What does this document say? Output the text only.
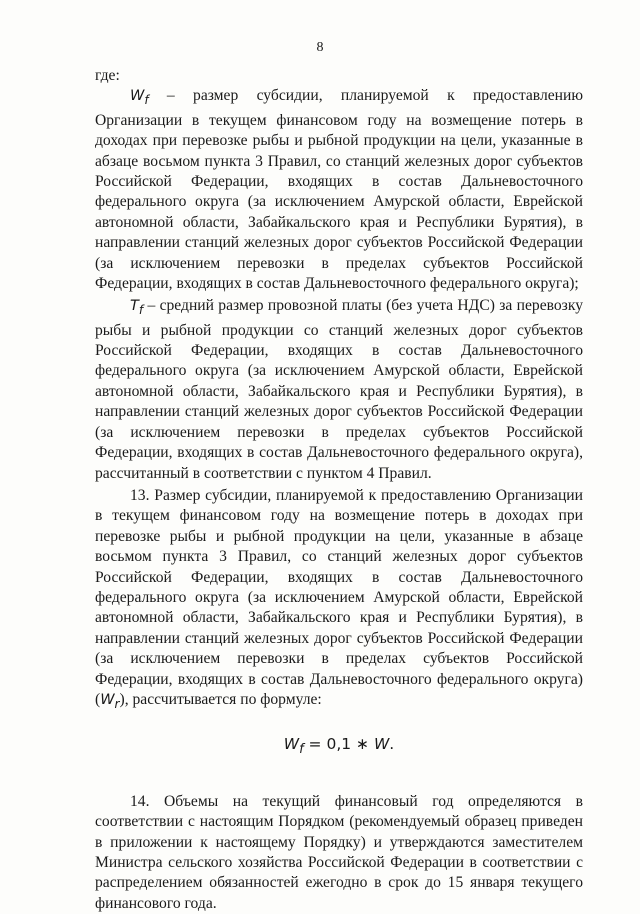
8

где:

$W_f$ – размер субсидии, планируемой к предоставлению Организации в текущем финансовом году на возмещение потерь в доходах при перевозке рыбы и рыбной продукции на цели, указанные в абзаце восьмом пункта 3 Правил, со станций железных дорог субъектов Российской Федерации, входящих в состав Дальневосточного федерального округа (за исключением Амурской области, Еврейской автономной области, Забайкальского края и Республики Бурятия), в направлении станций железных дорог субъектов Российской Федерации (за исключением перевозки в пределах субъектов Российской Федерации, входящих в состав Дальневосточного федерального округа);

$T_f$ – средний размер провозной платы (без учета НДС) за перевозку рыбы и рыбной продукции со станций железных дорог субъектов Российской Федерации, входящих в состав Дальневосточного федерального округа (за исключением Амурской области, Еврейской автономной области, Забайкальского края и Республики Бурятия), в направлении станций железных дорог субъектов Российской Федерации (за исключением перевозки в пределах субъектов Российской Федерации, входящих в состав Дальневосточного федерального округа), рассчитанный в соответствии с пунктом 4 Правил.

13. Размер субсидии, планируемой к предоставлению Организации в текущем финансовом году на возмещение потерь в доходах при перевозке рыбы и рыбной продукции на цели, указанные в абзаце восьмом пункта 3 Правил, со станций железных дорог субъектов Российской Федерации, входящих в состав Дальневосточного федерального округа (за исключением Амурской области, Еврейской автономной области, Забайкальского края и Республики Бурятия), в направлении станций железных дорог субъектов Российской Федерации (за исключением перевозки в пределах субъектов Российской Федерации, входящих в состав Дальневосточного федерального округа) $(W_r)$, рассчитывается по формуле:

$W_f = 0,1$ ∗ W.

14. Объемы на текущий финансовый год определяются в соответствии с настоящим Порядком (рекомендуемый образец приведен в приложении к настоящему Порядку) и утверждаются заместителем Министра сельского хозяйства Российской Федерации в соответствии с распределением обязанностей ежегодно в срок до 15 января текущего финансового года.
